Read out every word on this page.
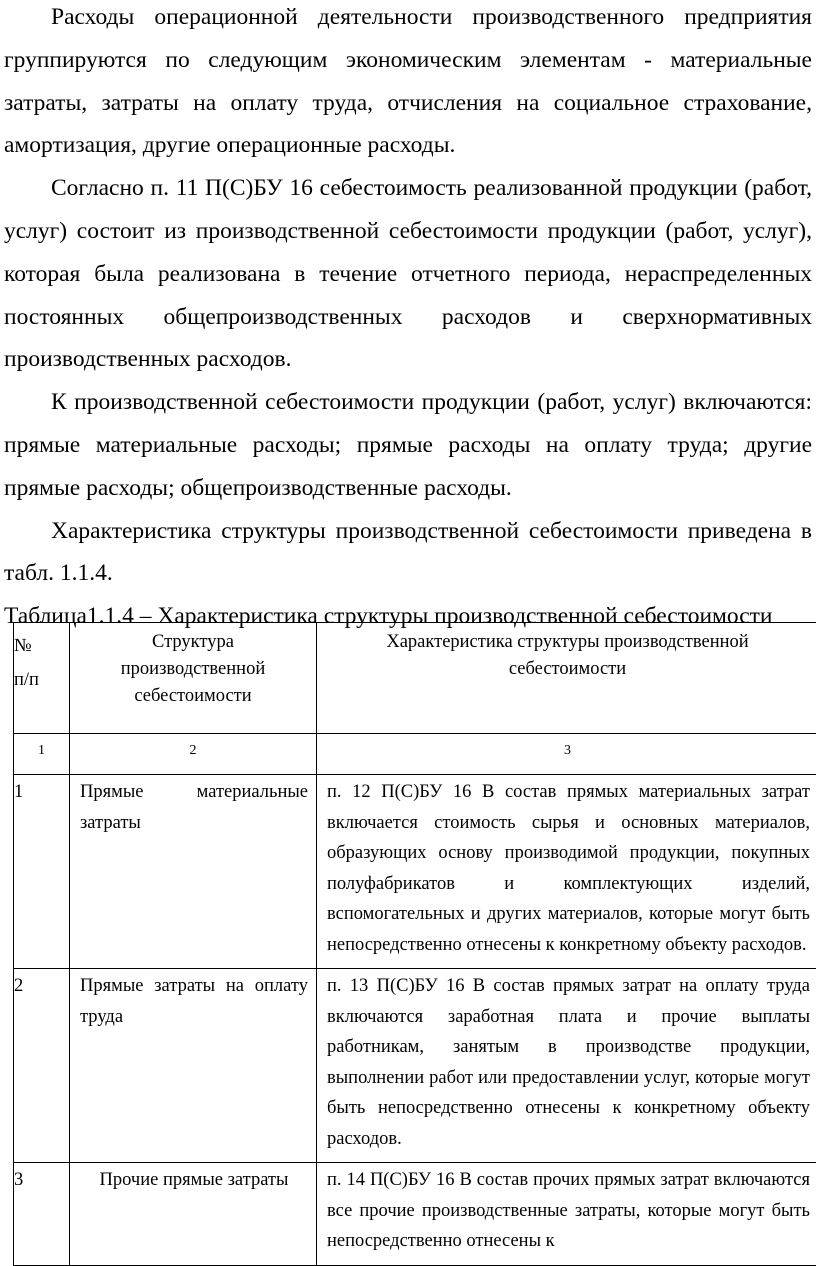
Расходы операционной деятельности производственного предприятия группируются по следующим экономическим элементам - материальные затраты, затраты на оплату труда, отчисления на социальное страхование, амортизация, другие операционные расходы.

Согласно п. 11 П(С)БУ 16 себестоимость реализованной продукции (работ, услуг) состоит из производственной себестоимости продукции (работ, услуг), которая была реализована в течение отчетного периода, нераспределенных постоянных общепроизводственных расходов и сверхнормативных производственных расходов.

К производственной себестоимости продукции (работ, услуг) включаются: прямые материальные расходы; прямые расходы на оплату труда; другие прямые расходы; общепроизводственные расходы.

Характеристика структуры производственной себестоимости приведена в табл. 1.1.4.

Таблица1.1.4 – Характеристика структуры производственной себестоимости

№
п/п	Структура производственной себестоимости	Характеристика структуры производственной себестоимости

1	2	3

1	Прямые материальные затраты	п. 12 П(С)БУ 16 В состав прямых материальных затрат включается стоимость сырья и основных материалов, образующих основу производимой продукции, покупных полуфабрикатов и комплектующих изделий, вспомогательных и других материалов, которые могут быть непосредственно отнесены к конкретному объекту расходов.

2	Прямые затраты на оплату труда	п. 13 П(С)БУ 16 В состав прямых затрат на оплату труда включаются заработная плата и прочие выплаты работникам, занятым в производстве продукции, выполнении работ или предоставлении услуг, которые могут быть непосредственно отнесены к конкретному объекту расходов.

3	Прочие прямые затраты	п. 14 П(С)БУ 16 В состав прочих прямых затрат включаются все прочие производственные затраты, которые могут быть непосредственно отнесены к
